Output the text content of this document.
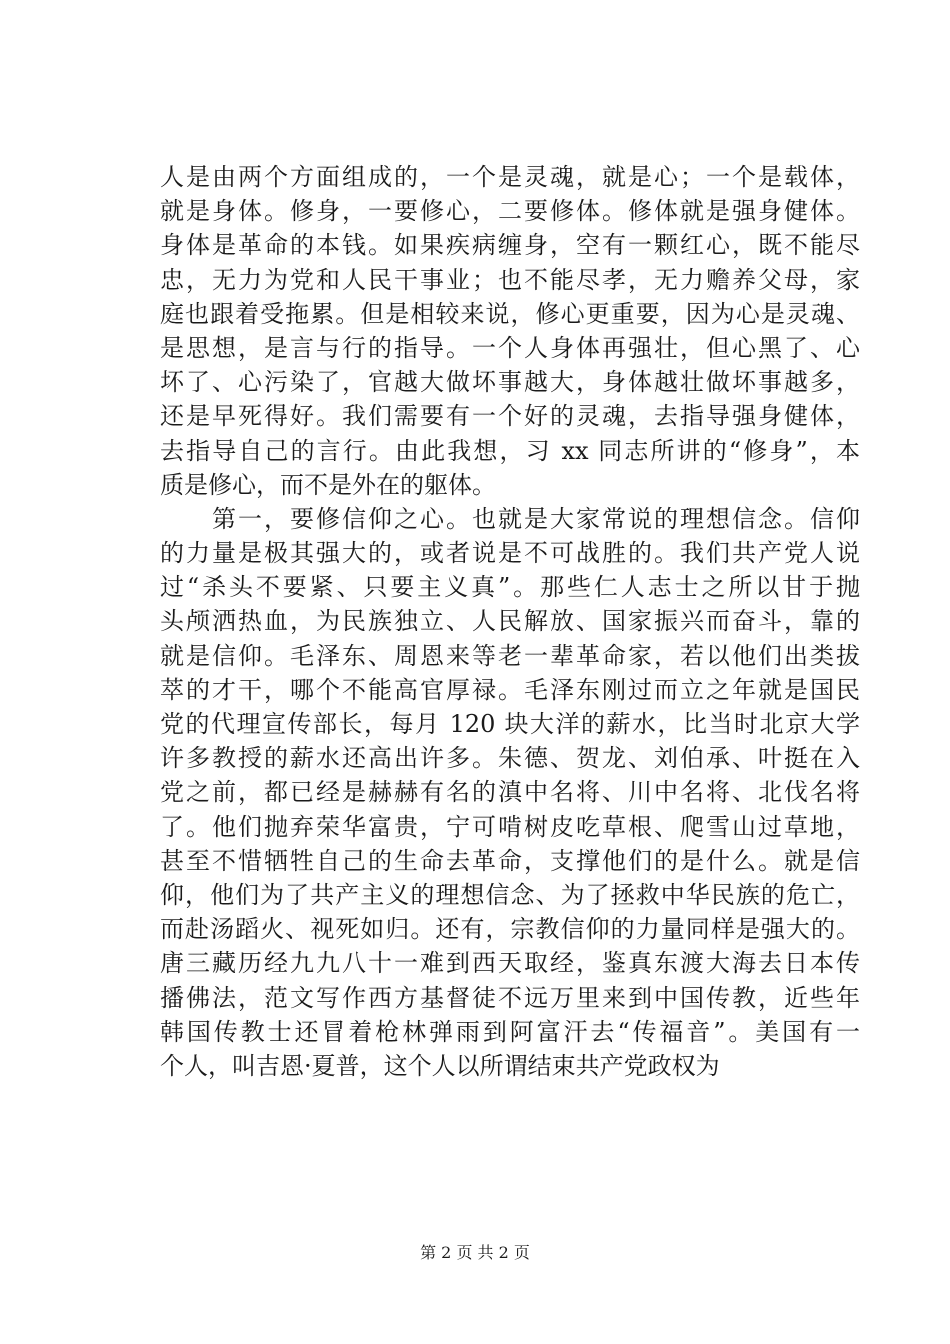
人是由两个方面组成的，一个是灵魂，就是心；一个是载体，
就是身体。修身，一要修心，二要修体。修体就是强身健体。
身体是革命的本钱。如果疾病缠身，空有一颗红心，既不能尽
忠，无力为党和人民干事业；也不能尽孝，无力赡养父母，家
庭也跟着受拖累。但是相较来说，修心更重要，因为心是灵魂、
是思想，是言与行的指导。一个人身体再强壮，但心黑了、心
坏了、心污染了，官越大做坏事越大，身体越壮做坏事越多，
还是早死得好。我们需要有一个好的灵魂，去指导强身健体，
去指导自己的言行。由此我想，习 xx 同志所讲的“修身”，本
质是修心，而不是外在的躯体。
　　第一，要修信仰之心。也就是大家常说的理想信念。信仰
的力量是极其强大的，或者说是不可战胜的。我们共产党人说
过“杀头不要紧、只要主义真”。那些仁人志士之所以甘于抛
头颅洒热血，为民族独立、人民解放、国家振兴而奋斗，靠的
就是信仰。毛泽东、周恩来等老一辈革命家，若以他们出类拔
萃的才干，哪个不能高官厚禄。毛泽东刚过而立之年就是国民
党的代理宣传部长，每月 120 块大洋的薪水，比当时北京大学
许多教授的薪水还高出许多。朱德、贺龙、刘伯承、叶挺在入
党之前，都已经是赫赫有名的滇中名将、川中名将、北伐名将
了。他们抛弃荣华富贵，宁可啃树皮吃草根、爬雪山过草地，
甚至不惜牺牲自己的生命去革命，支撑他们的是什么。就是信
仰，他们为了共产主义的理想信念、为了拯救中华民族的危亡，
而赴汤蹈火、视死如归。还有，宗教信仰的力量同样是强大的。
唐三藏历经九九八十一难到西天取经，鉴真东渡大海去日本传
播佛法，范文写作西方基督徒不远万里来到中国传教，近些年
韩国传教士还冒着枪林弹雨到阿富汗去“传福音”。美国有一
个人，叫吉恩·夏普，这个人以所谓结束共产党政权为
第 2 页 共 2 页
